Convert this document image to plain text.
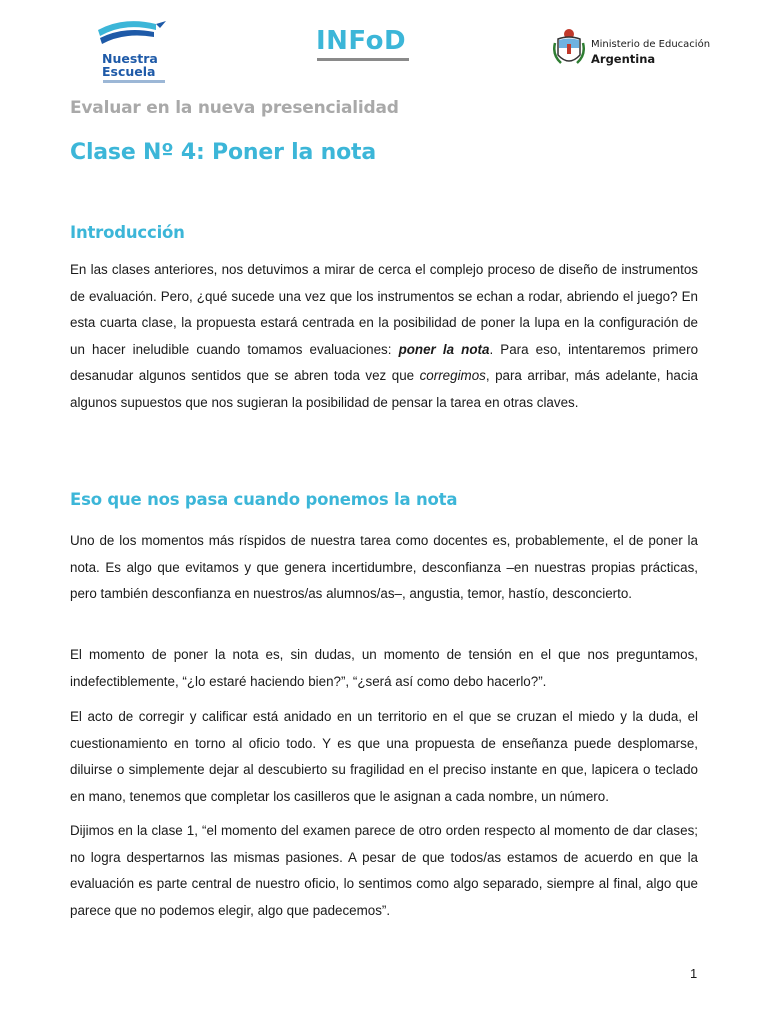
Nuestra
Escuela
INFoD	Ministerio de Educación
Argentina
Evaluar en la nueva presencialidad
Clase Nº 4: Poner la nota
Introducción

En las clases anteriores, nos detuvimos a mirar de cerca el complejo proceso de diseño de instrumentos de evaluación. Pero, ¿qué sucede una vez que los instrumentos se echan a rodar, abriendo el juego? En esta cuarta clase, la propuesta estará centrada en la posibilidad de poner la lupa en la configuración de un hacer ineludible cuando tomamos evaluaciones: poner la nota. Para eso, intentaremos primero desanudar algunos sentidos que se abren toda vez que corregimos, para arribar, más adelante, hacia algunos supuestos que nos sugieran la posibilidad de pensar la tarea en otras claves.

Eso que nos pasa cuando ponemos la nota

Uno de los momentos más ríspidos de nuestra tarea como docentes es, probablemente, el de poner la nota. Es algo que evitamos y que genera incertidumbre, desconfianza –en nuestras propias prácticas, pero también desconfianza en nuestros/as alumnos/as–, angustia, temor, hastío, desconcierto.

El momento de poner la nota es, sin dudas, un momento de tensión en el que nos preguntamos, indefectiblemente, “¿lo estaré haciendo bien?”, “¿será así como debo hacerlo?”.

El acto de corregir y calificar está anidado en un territorio en el que se cruzan el miedo y la duda, el cuestionamiento en torno al oficio todo. Y es que una propuesta de enseñanza puede desplomarse, diluirse o simplemente dejar al descubierto su fragilidad en el preciso instante en que, lapicera o teclado en mano, tenemos que completar los casilleros que le asignan a cada nombre, un número.

Dijimos en la clase 1, “el momento del examen parece de otro orden respecto al momento de dar clases; no logra despertarnos las mismas pasiones. A pesar de que todos/as estamos de acuerdo en que la evaluación es parte central de nuestro oficio, lo sentimos como algo separado, siempre al final, algo que parece que no podemos elegir, algo que padecemos”.

1
